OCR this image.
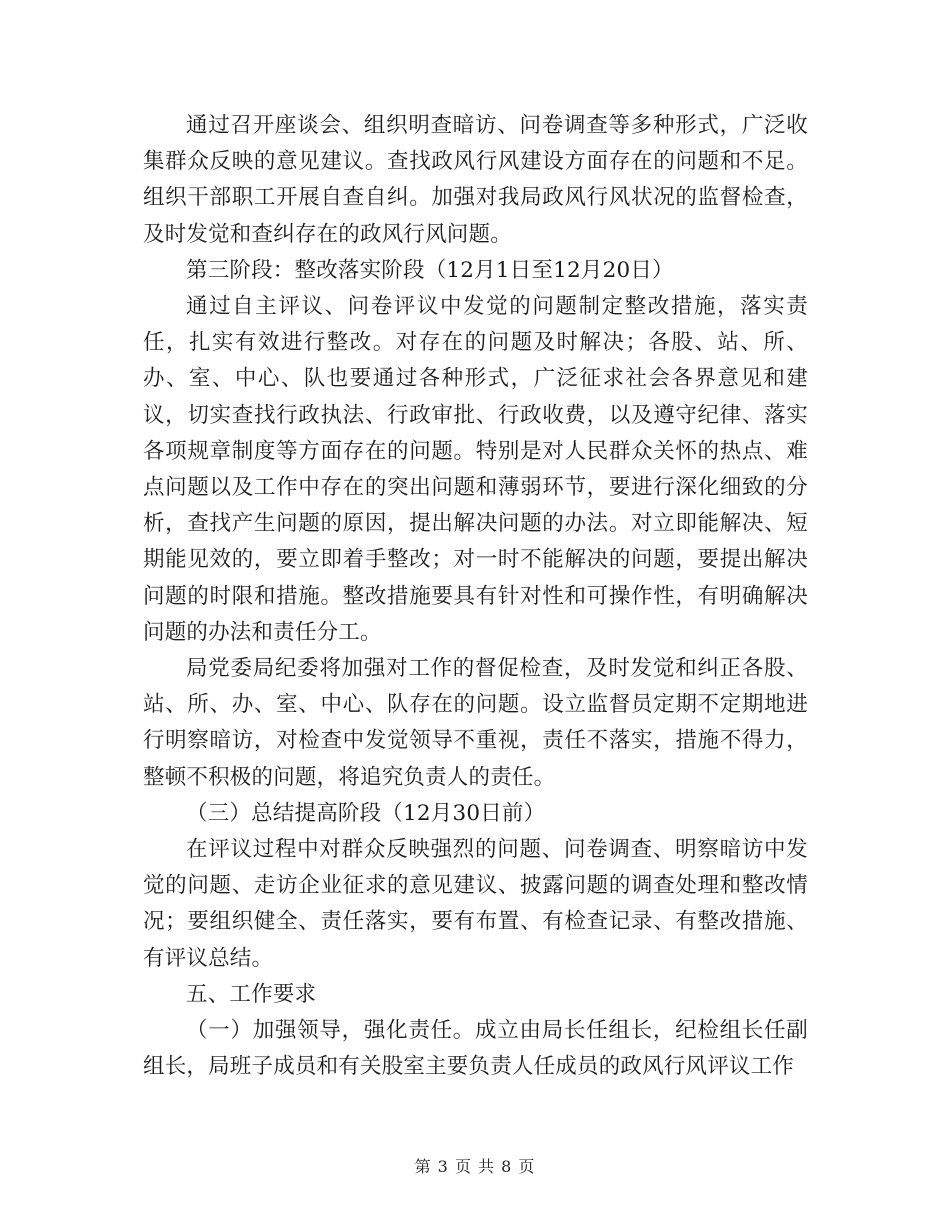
通过召开座谈会、组织明查暗访、问卷调查等多种形式，广泛收集群众反映的意见建议。查找政风行风建设方面存在的问题和不足。组织干部职工开展自查自纠。加强对我局政风行风状况的监督检查，及时发觉和查纠存在的政风行风问题。

第三阶段：整改落实阶段（12月1日至12月20日）

通过自主评议、问卷评议中发觉的问题制定整改措施，落实责任，扎实有效进行整改。对存在的问题及时解决；各股、站、所、办、室、中心、队也要通过各种形式，广泛征求社会各界意见和建议，切实查找行政执法、行政审批、行政收费，以及遵守纪律、落实各项规章制度等方面存在的问题。特别是对人民群众关怀的热点、难点问题以及工作中存在的突出问题和薄弱环节，要进行深化细致的分析，查找产生问题的原因，提出解决问题的办法。对立即能解决、短期能见效的，要立即着手整改；对一时不能解决的问题，要提出解决问题的时限和措施。整改措施要具有针对性和可操作性，有明确解决问题的办法和责任分工。

局党委局纪委将加强对工作的督促检查，及时发觉和纠正各股、站、所、办、室、中心、队存在的问题。设立监督员定期不定期地进行明察暗访，对检查中发觉领导不重视，责任不落实，措施不得力，整顿不积极的问题，将追究负责人的责任。

（三）总结提高阶段（12月30日前）

在评议过程中对群众反映强烈的问题、问卷调查、明察暗访中发觉的问题、走访企业征求的意见建议、披露问题的调查处理和整改情况；要组织健全、责任落实，要有布置、有检查记录、有整改措施、有评议总结。

五、工作要求

（一）加强领导，强化责任。成立由局长任组长，纪检组长任副组长，局班子成员和有关股室主要负责人任成员的政风行风评议工作

第 3 页 共 8 页
